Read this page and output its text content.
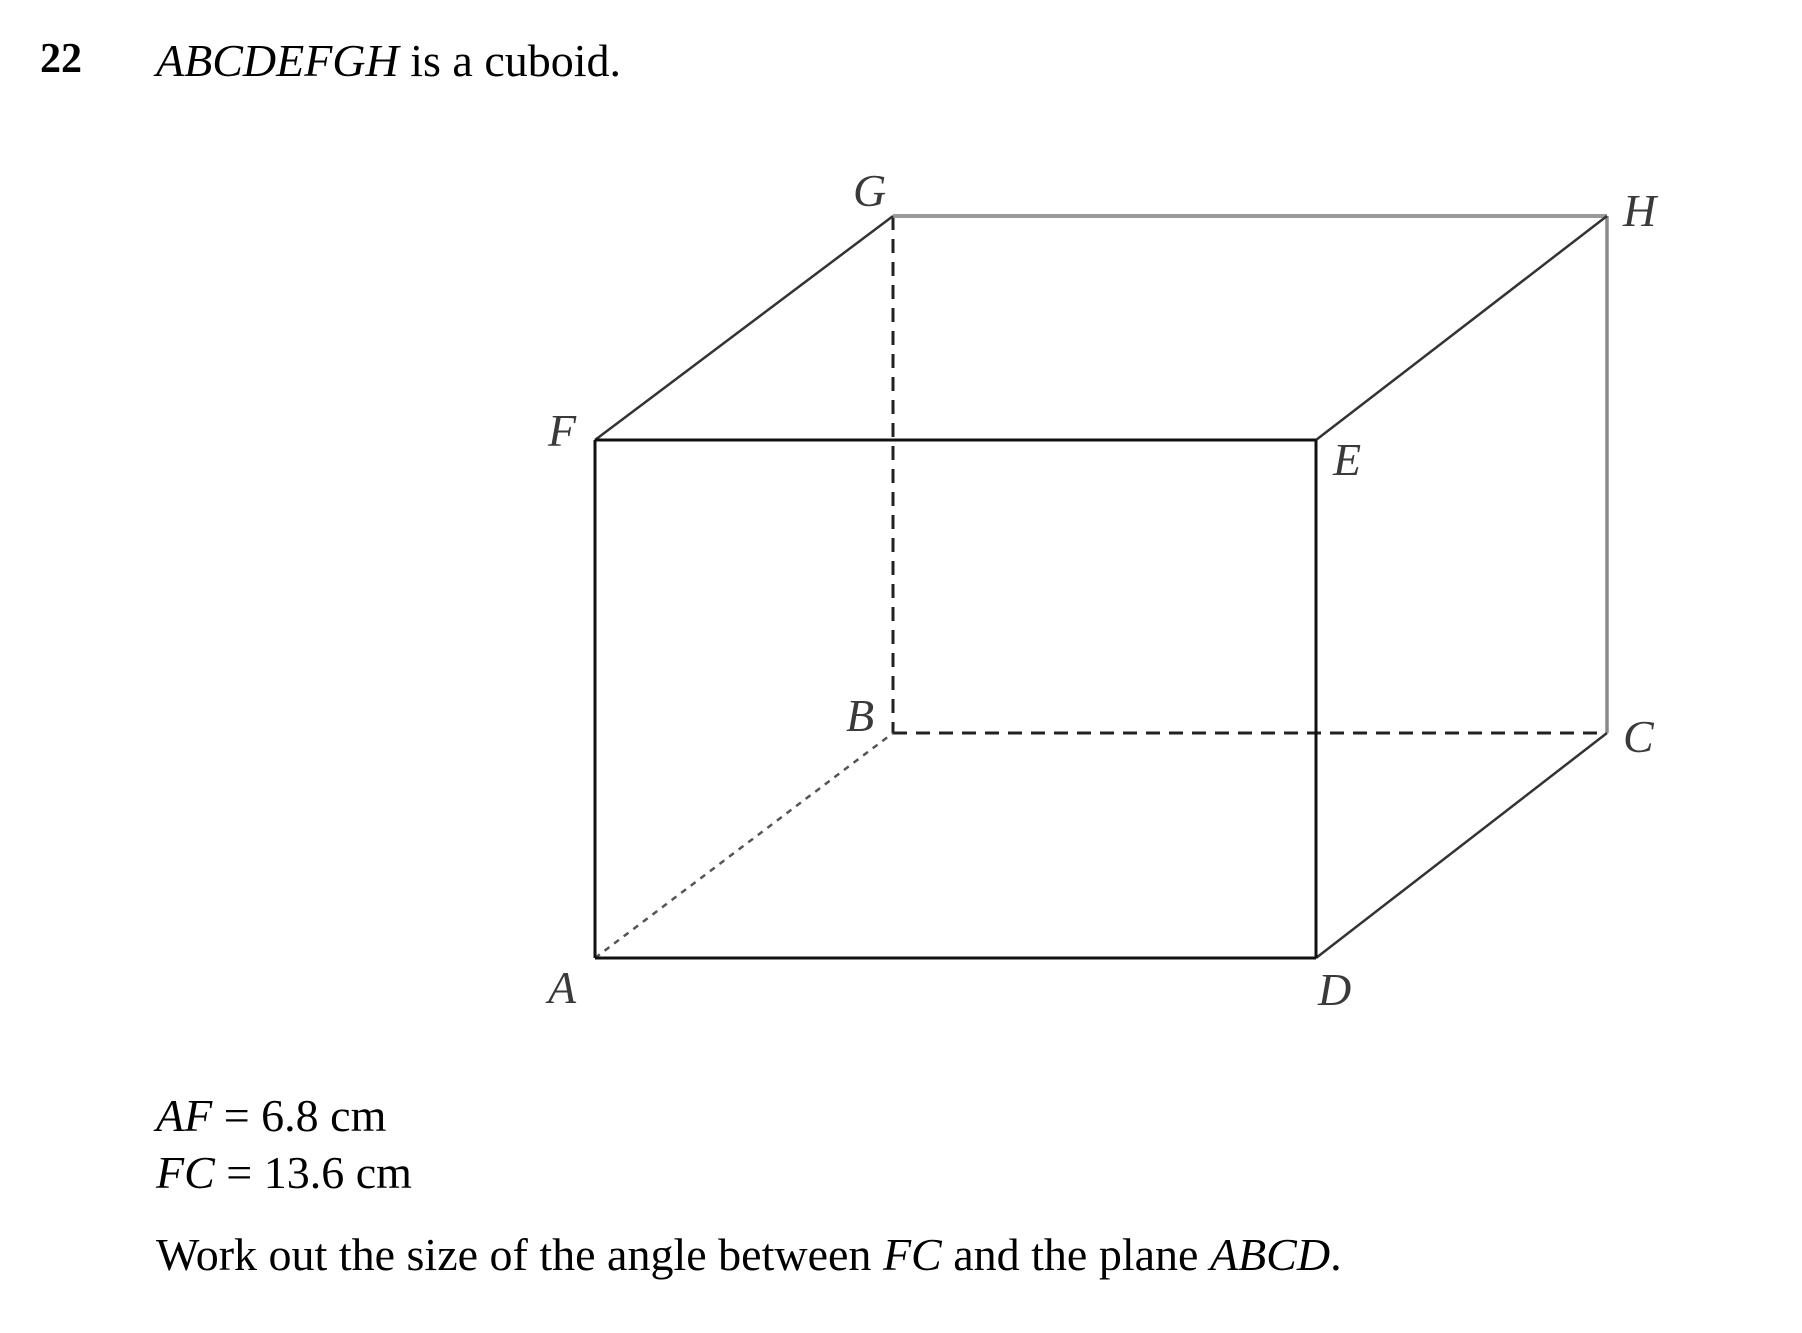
22 ABCDEFGH is a cuboid.
G	H
F
E
B	C
A	D
AF = 6.8 cm
FC = 13.6 cm
Work out the size of the angle between FC and the plane ABCD.
